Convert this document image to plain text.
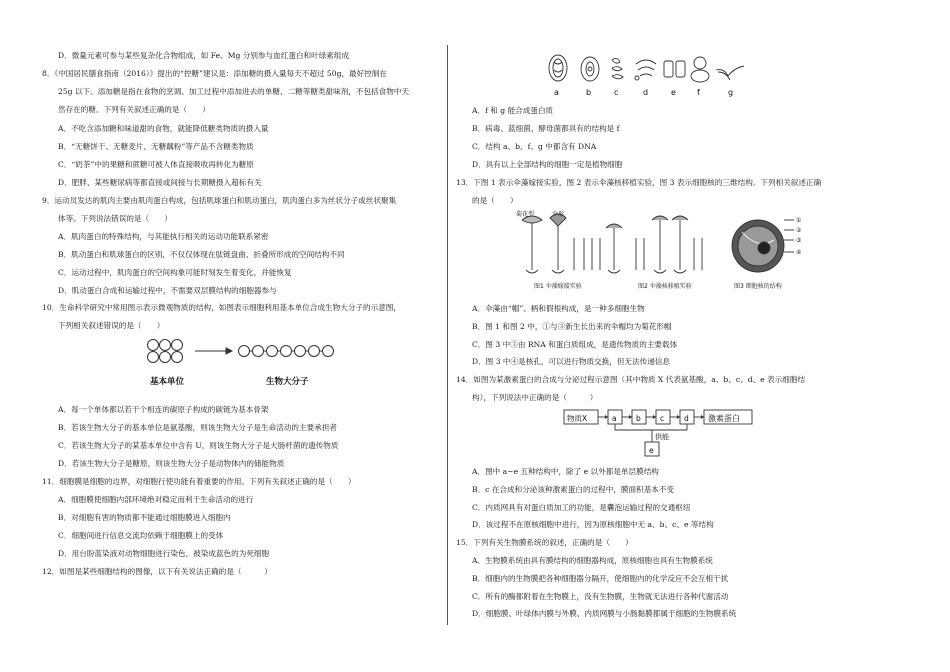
D．微量元素可参与某些复杂化合物组成，如 Fe、Mg 分别参与血红蛋白和叶绿素组成
8．《中国居民膳食指南（2016）》提出的“控糖”建议是：添加糖的摄入量每天不超过 50g，最好控制在
25g 以下。添加糖是指在食物的烹调、加工过程中添加进去的单糖、二糖等糖类甜味剂，不包括食物中天
然存在的糖。下列有关叙述正确的是（　　）
A．不吃含添加糖和味道甜的食物，就能降低糖类物质的摄入量
B．“无糖饼干、无糖麦片、无糖藕粉”等产品不含糖类物质
C．“奶茶”中的果糖和蔗糖可被人体直接吸收再转化为糖原
D．肥胖、某些糖尿病等都直接或间接与长期糖摄入超标有关
9．运动员发达的肌肉主要由肌肉蛋白构成，包括肌球蛋白和肌动蛋白，肌肉蛋白多为丝状分子或丝状聚集
体等。下列说法错误的是（　　）
A．肌肉蛋白的特殊结构，与其能执行相关的运动功能联系紧密
B．肌动蛋白和肌球蛋白的区别，不仅仅体现在肽链盘曲、折叠所形成的空间结构不同
C．运动过程中，肌肉蛋白的空间构象可能时刻发生着变化，并能恢复
D．肌动蛋白合成和运输过程中，不需要双层膜结构的细胞器参与
10．生命科学研究中常用图示表示微观物质的结构，如图表示细胞利用基本单位合成生物大分子的示意图，
下列相关叙述错误的是（　　）
基本单位	生物大分子
A．每一个单体都以若干个相连的碳原子构成的碳链为基本骨架
B．若该生物大分子的基本单位是氨基酸，则该生物大分子是生命活动的主要承担者
C．若该生物大分子的某基本单位中含有 U，则该生物大分子是大肠杆菌的遗传物质
D．若该生物大分子是糖原，则该生物大分子是动物体内的储能物质
11．细胞膜是细胞的边界，对细胞行使功能有着重要的作用。下列有关叙述正确的是（　　）
A．细胞膜使细胞内部环境绝对稳定而利于生命活动的进行
B．对细胞有害的物质都不能通过细胞膜进入细胞内
C．细胞间进行信息交流均依赖于细胞膜上的受体
D．用台盼蓝染液对动物细胞进行染色，被染成蓝色的为死细胞
12．如图是某些细胞结构的图像，以下有关说法正确的是（　　　）
a	b	c	d	e	f	g
A．f 和 g 能合成蛋白质
B．病毒、蓝细菌、酵母菌都具有的结构是 f
C．结构 a、b、f、g 中都含有 DNA
D．具有以上全部结构的细胞一定是植物细胞
13．下图 1 表示伞藻嫁接实验，图 2 表示伞藻核移植实验，图 3 表示细胞核的三维结构。下列相关叙述正确
的是（　　）
菊花型	伞形
①
②
③
④
图1 伞藻嫁接实验	图2 伞藻核移植实验	图3 细胞核的结构
A．伞藻由“帽”、柄和假根构成，是一种多细胞生物
B．图 1 和图 2 中，①与③新生长出来的伞帽均为菊花形帽
C．图 3 中③由 RNA 和蛋白质组成，是遗传物质的主要载体
D．图 3 中④是核孔，可以进行物质交换，但无法传递信息
14．如图为某激素蛋白的合成与分泌过程示意图（其中物质 X 代表氨基酸，a、b、c、d、e 表示细胞结
构），下列说法中正确的是（　　　）
物质X	a	b	c	d 激素蛋白
供能
e
A．图中 a~e 五种结构中，除了 e 以外都是单层膜结构
B．c 在合成和分泌该种激素蛋白的过程中，膜面积基本不变
C．内质网具有对蛋白质加工的功能，是囊泡运输过程的交通枢纽
D．该过程不在原核细胞中进行，因为原核细胞中无 a、b、c、e 等结构
15．下列有关生物膜系统的叙述，正确的是（　　）
A．生物膜系统由具有膜结构的细胞器构成，原核细胞也具有生物膜系统
B．细胞内的生物膜把各种细胞器分隔开，使细胞内的化学反应不会互相干扰
C．所有的酶都附着在生物膜上，没有生物膜，生物就无法进行各种代谢活动
D．细胞膜、叶绿体内膜与外膜、内质网膜与小肠黏膜都属于细胞的生物膜系统
